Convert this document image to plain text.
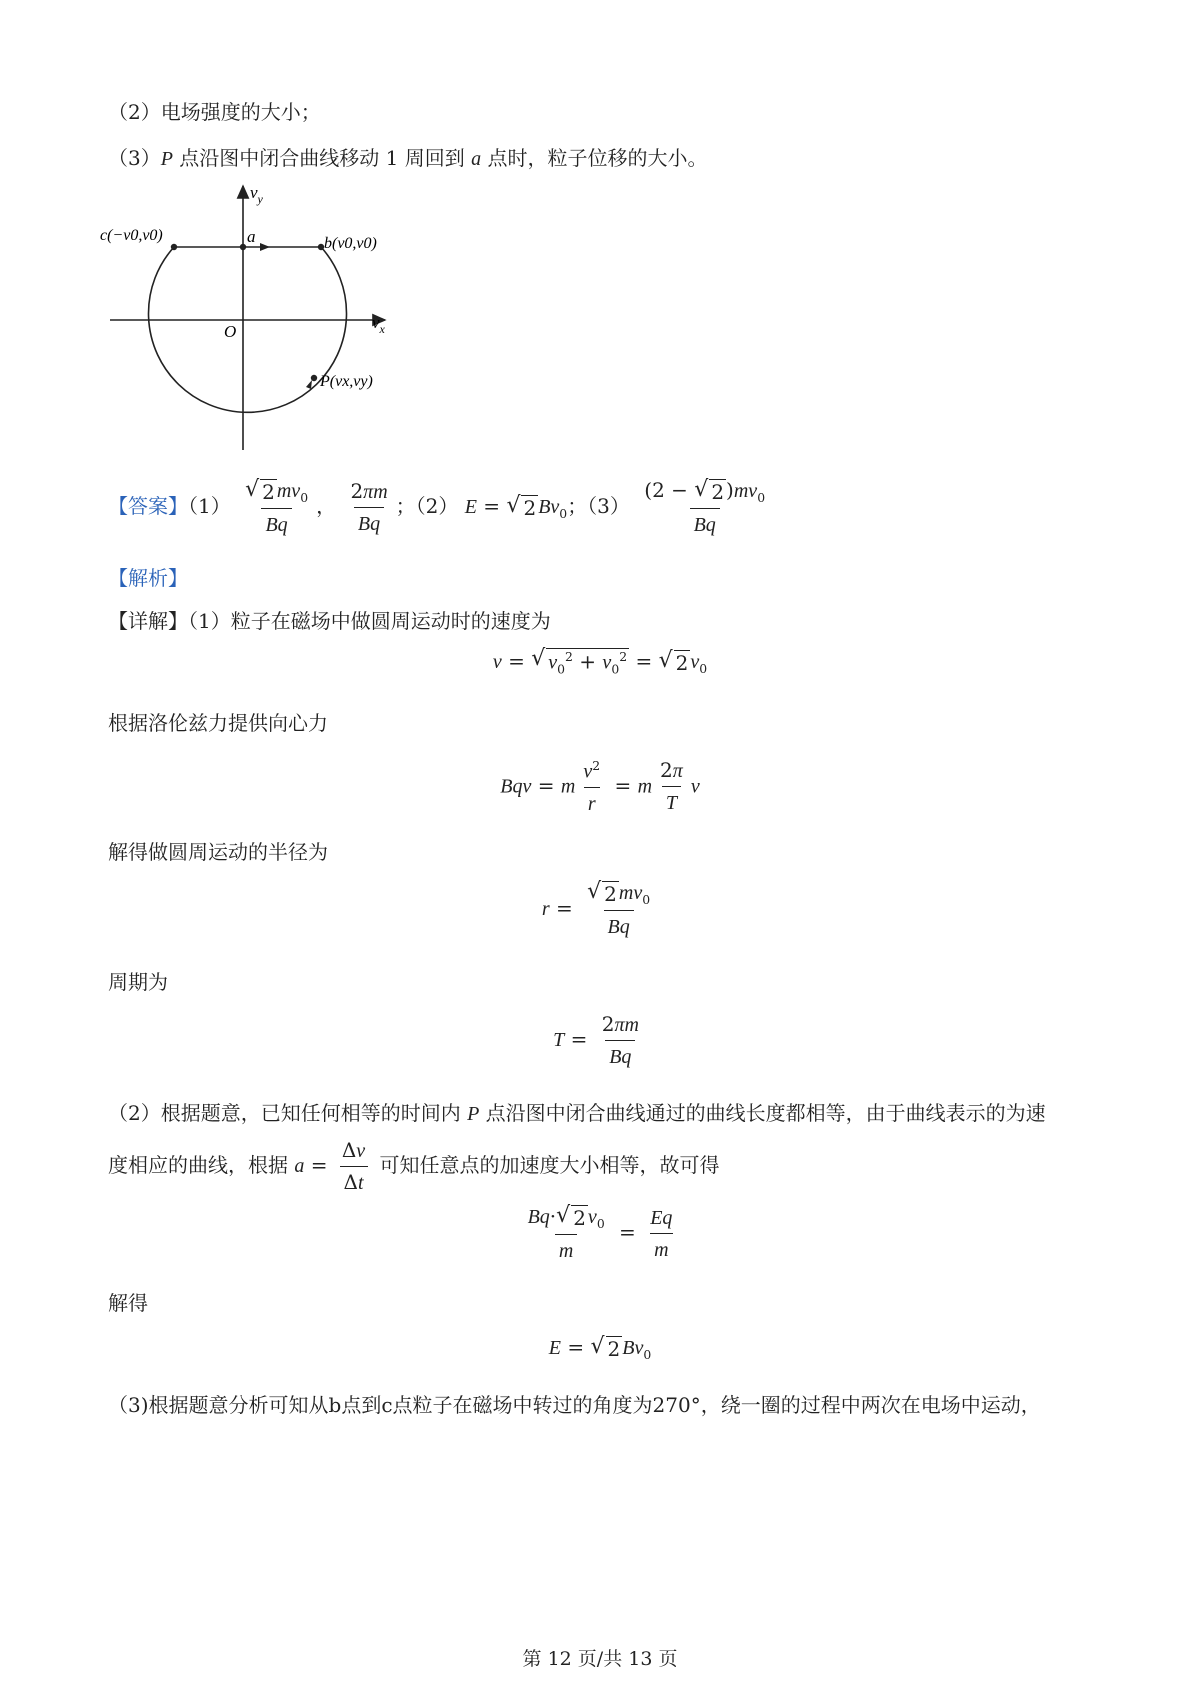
（2）电场强度的大小；
（3）P 点沿图中闭合曲线移动 1 周回到 a 点时，粒子位移的大小。
$v_y$
$v_x$
O
a	b(v0,v0)
c(−v0,v0)
P(vx,vy)
【答案】$(1) \frac{√ 2 mv_0}{Bq}$ ， $\frac{2\pi m}{Bq}$ ；（2） E = √ 2 $Bv_0$；$(3) \frac{(2 - √ 2 )mv_0}{Bq}$
【解析】
【详解】（1）粒子在磁场中做圆周运动时的速度为
v = √ $v_0^2 + v_0^2$ = √ 2 $v_0$
根据洛伦兹力提供向心力
Bqv = m $\frac{v^2}{r} = m \frac{2\pi}{T}$ v
解得做圆周运动的半径为
$r = \frac{√ 2 mv_0}{Bq}$
周期为
$T = \frac{2\pi m}{Bq}$
（2）根据题意，已知任何相等的时间内 P 点沿图中闭合曲线通过的曲线长度都相等，由于曲线表示的为速
度相应的曲线，根据 $a = \frac{\Delta v}{\Delta t}$ 可知任意点的加速度大小相等，故可得
$\frac{Bq\cdot √ 2 v_0}{m} = \frac{Eq}{m}$
解得
E = √ 2 $Bv_0$
（3)根据题意分析可知从b点到c点粒子在磁场中转过的角度为270°，绕一圈的过程中两次在电场中运动，
第 12 页/共 13 页
